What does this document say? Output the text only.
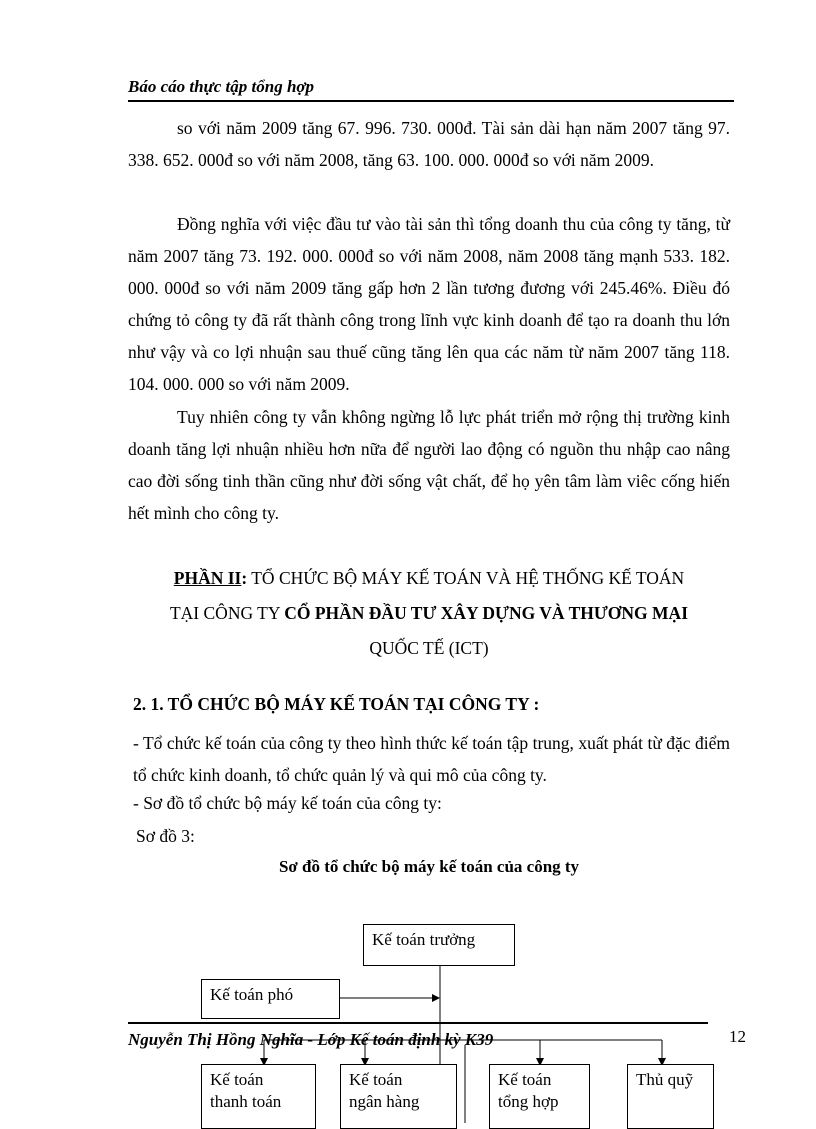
Báo cáo thực tập tổng hợp

so với năm 2009 tăng 67. 996. 730. 000đ. Tài sản dài hạn năm 2007 tăng 97. 338. 652. 000đ so với năm 2008, tăng 63. 100. 000. 000đ so với năm 2009.

Đồng nghĩa với việc đầu tư vào tài sản thì tổng doanh thu của công ty tăng, từ năm 2007 tăng 73. 192. 000. 000đ so với năm 2008, năm 2008 tăng mạnh 533. 182. 000. 000đ so với năm 2009 tăng gấp hơn 2 lần tương đương với 245.46%. Điều đó chứng tỏ công ty đã rất thành công trong lĩnh vực kinh doanh để tạo ra doanh thu lớn như vậy và co lợi nhuận sau thuế cũng tăng lên qua các năm từ năm 2007 tăng 118. 104. 000. 000 so với năm 2009.

Tuy nhiên công ty vẫn không ngừng lỗ lực phát triển mở rộng thị trường kinh doanh tăng lợi nhuận nhiều hơn nữa để người lao động có nguồn thu nhập cao nâng cao đời sống tinh thần cũng như đời sống vật chất, để họ yên tâm làm viêc cống hiến hết mình cho công ty.

PHẦN II: TỔ CHỨC BỘ MÁY KẾ TOÁN VÀ HỆ THỐNG KẾ TOÁN
TẠI CÔNG TY CỔ PHẦN ĐẦU TƯ XÂY DỰNG VÀ THƯƠNG MẠI
QUỐC TẾ (ICT)

2. 1. TỔ CHỨC BỘ MÁY KẾ TOÁN TẠI CÔNG TY :

- Tổ chức kế toán của công ty theo hình thức kế toán tập trung, xuất phát từ đặc điểm tổ chức kinh doanh, tổ chức quản lý và qui mô của công ty.

- Sơ đồ tổ chức bộ máy kế toán của công ty:

Sơ đồ 3:

Sơ đồ tổ chức bộ máy kế toán của công ty
Kế toán trưởng
Kế toán phó
Kế toán
thanh toán
Kế toán
ngân hàng
Kế toán
tổng hợp
Thủ quỹ
Nguyễn Thị Hồng Nghĩa - Lớp Kế toán định kỳ K39	12
